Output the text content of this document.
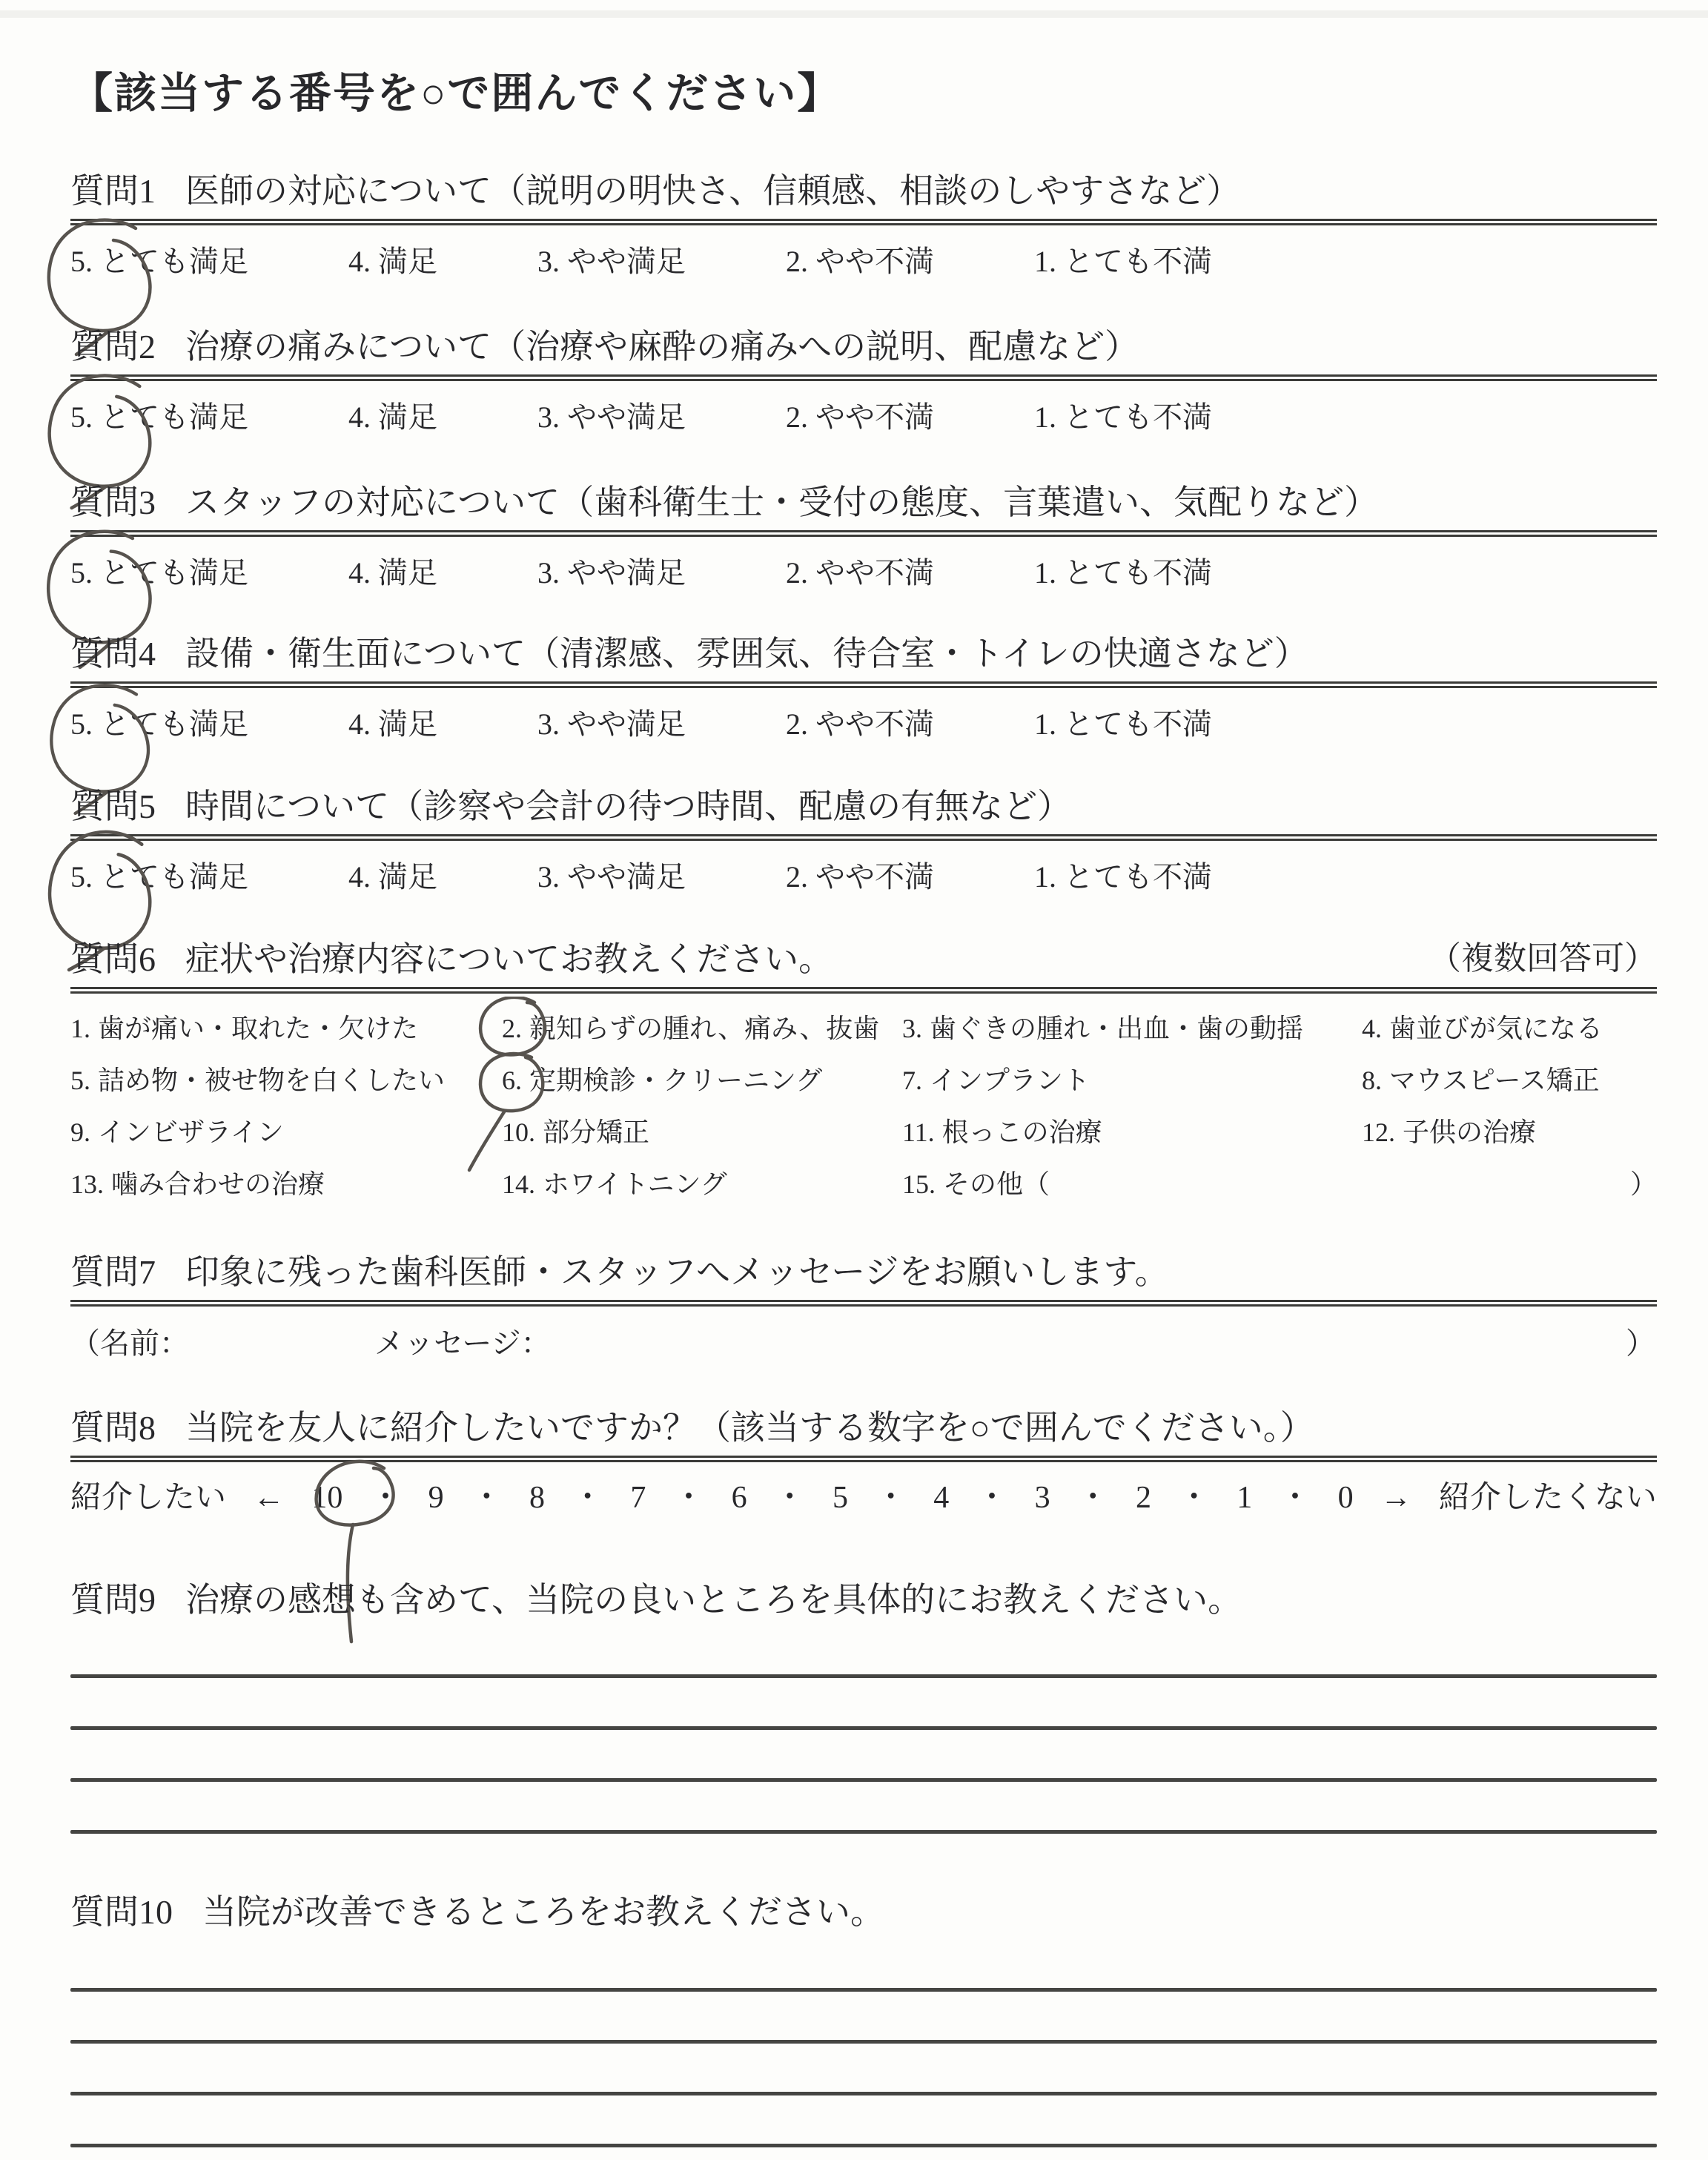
【該当する番号を○で囲んでください】
質問1 医師の対応について（説明の明快さ、信頼感、相談のしやすさなど）
5. とても満足	4. 満足	3. やや満足	2. やや不満	1. とても不満
質問2 治療の痛みについて（治療や麻酔の痛みへの説明、配慮など）
5. とても満足	4. 満足	3. やや満足	2. やや不満	1. とても不満
質問3 スタッフの対応について（歯科衛生士・受付の態度、言葉遣い、気配りなど）
5. とても満足	4. 満足	3. やや満足	2. やや不満	1. とても不満
質問4 設備・衛生面について（清潔感、雰囲気、待合室・トイレの快適さなど）
5. とても満足	4. 満足	3. やや満足	2. やや不満	1. とても不満
質問5 時間について（診察や会計の待つ時間、配慮の有無など）
5. とても満足	4. 満足	3. やや満足	2. やや不満	1. とても不満
質問6 症状や治療内容についてお教えください。	（複数回答可）
1. 歯が痛い・取れた・欠けた	2. 親知らずの腫れ、痛み、抜歯 3. 歯ぐきの腫れ・出血・歯の動揺	4. 歯並びが気になる
5. 詰め物・被せ物を白くしたい	6. 定期検診・クリーニング	7. インプラント	8. マウスピース矯正
9. インビザライン	10. 部分矯正	11. 根っこの治療	12. 子供の治療
13. 噛み合わせの治療	14. ホワイトニング	15. その他（	）
質問7 印象に残った歯科医師・スタッフへメッセージをお願いします。
（名前：	メッセージ：	）
質問8 当院を友人に紹介したいですか？（該当する数字を○で囲んでください。）
紹介したい ← 10 ・ 9 ・ 8 ・ 7 ・ 6 ・ 5 ・ 4 ・ 3 ・ 2 ・ 1 ・ 0 → 紹介したくない
質問9 治療の感想も含めて、当院の良いところを具体的にお教えください。
質問10 当院が改善できるところをお教えください。
